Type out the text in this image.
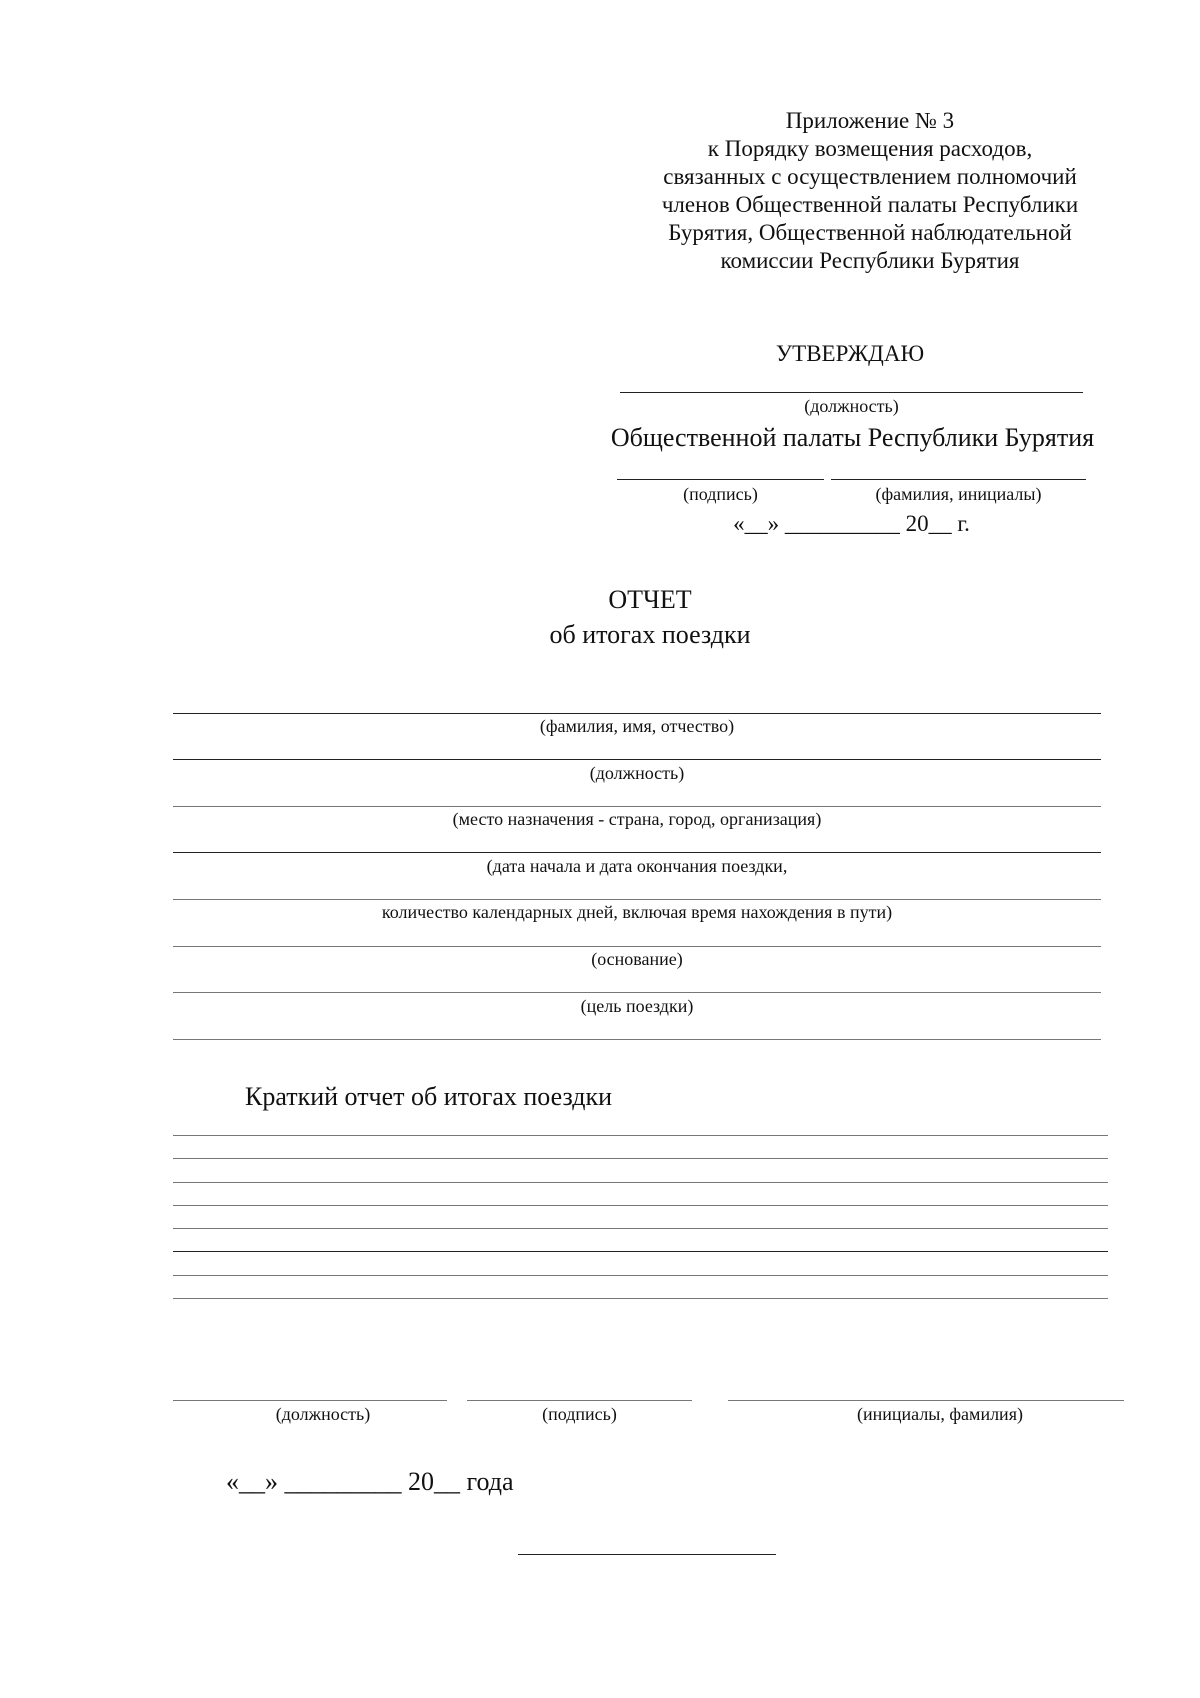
Приложение № 3
к Порядку возмещения расходов,
связанных с осуществлением полномочий
членов Общественной палаты Республики
Бурятия, Общественной наблюдательной
комиссии Республики Бурятия
УТВЕРЖДАЮ
(должность)
Общественной палаты Республики Бурятия
(подпись)	(фамилия, инициалы)
«__» __________ 20__ г.
ОТЧЕТ
об итогах поездки
(фамилия, имя, отчество)
(должность)
(место назначения - страна, город, организация)
(дата начала и дата окончания поездки,
количество календарных дней, включая время нахождения в пути)
(основание)
(цель поездки)
Краткий отчет об итогах поездки
(должность)	(подпись)	(инициалы, фамилия)
«__» _________ 20__ года
